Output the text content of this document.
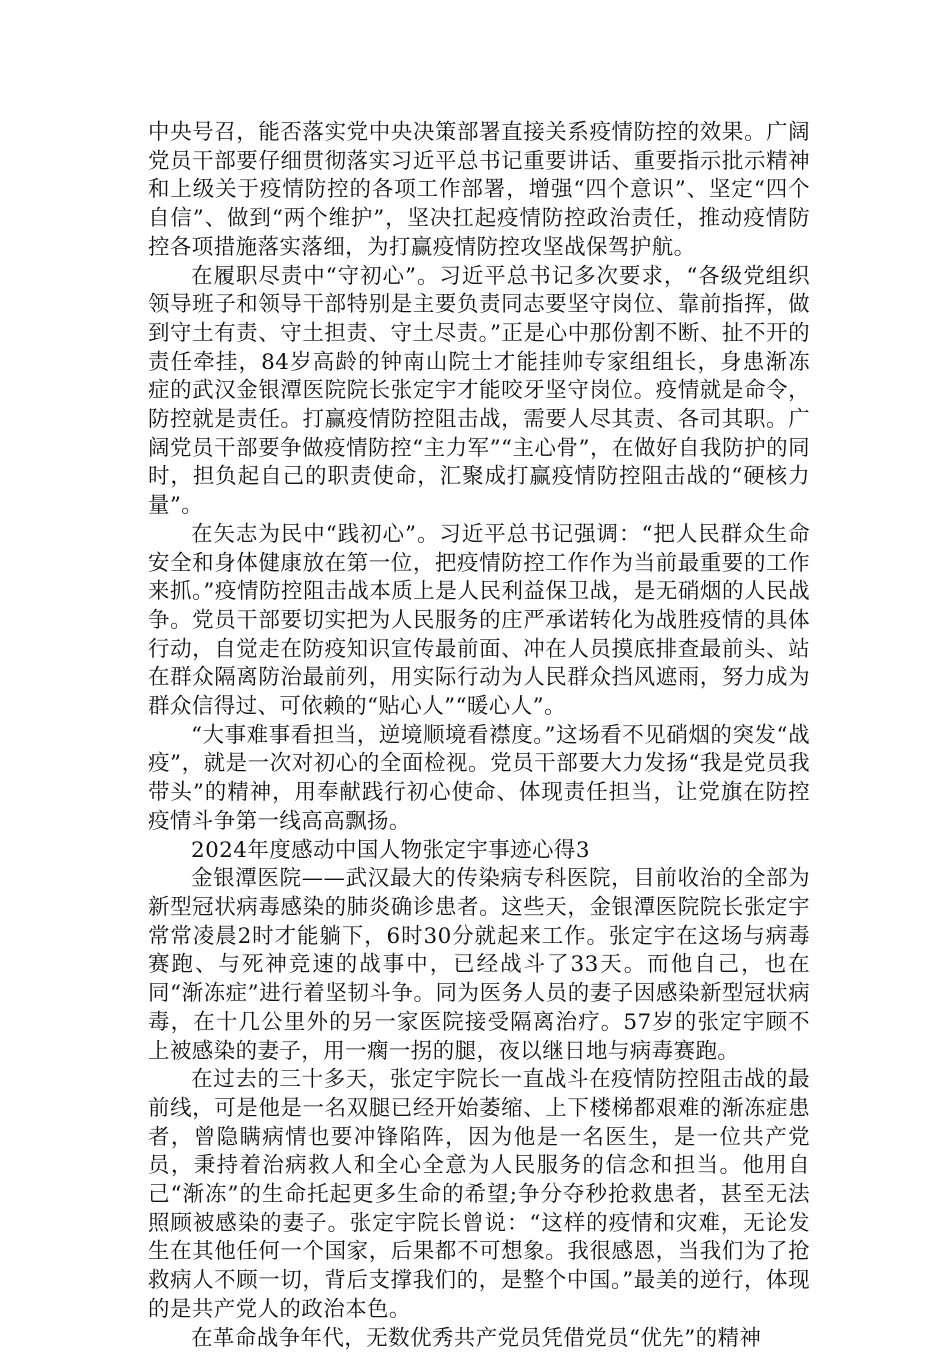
中央号召，能否落实党中央决策部署直接关系疫情防控的效果。广阔党员干部要仔细贯彻落实习近平总书记重要讲话、重要指示批示精神和上级关于疫情防控的各项工作部署，增强“四个意识”、坚定“四个自信”、做到“两个维护”，坚决扛起疫情防控政治责任，推动疫情防控各项措施落实落细，为打赢疫情防控攻坚战保驾护航。

在履职尽责中“守初心”。习近平总书记多次要求，“各级党组织领导班子和领导干部特别是主要负责同志要坚守岗位、靠前指挥，做到守土有责、守土担责、守土尽责。”正是心中那份割不断、扯不开的责任牵挂，84岁高龄的钟南山院士才能挂帅专家组组长，身患渐冻症的武汉金银潭医院院长张定宇才能咬牙坚守岗位。疫情就是命令，防控就是责任。打赢疫情防控阻击战，需要人尽其责、各司其职。广阔党员干部要争做疫情防控“主力军”“主心骨”，在做好自我防护的同时，担负起自己的职责使命，汇聚成打赢疫情防控阻击战的“硬核力量”。

在矢志为民中“践初心”。习近平总书记强调：“把人民群众生命安全和身体健康放在第一位，把疫情防控工作作为当前最重要的工作来抓。”疫情防控阻击战本质上是人民利益保卫战，是无硝烟的人民战争。党员干部要切实把为人民服务的庄严承诺转化为战胜疫情的具体行动，自觉走在防疫知识宣传最前面、冲在人员摸底排查最前头、站在群众隔离防治最前列，用实际行动为人民群众挡风遮雨，努力成为群众信得过、可依赖的“贴心人”“暖心人”。

“大事难事看担当，逆境顺境看襟度。”这场看不见硝烟的突发“战疫”，就是一次对初心的全面检视。党员干部要大力发扬“我是党员我带头”的精神，用奉献践行初心使命、体现责任担当，让党旗在防控疫情斗争第一线高高飘扬。

2024年度感动中国人物张定宇事迹心得3

金银潭医院——武汉最大的传染病专科医院，目前收治的全部为新型冠状病毒感染的肺炎确诊患者。这些天，金银潭医院院长张定宇常常凌晨2时才能躺下，6时30分就起来工作。张定宇在这场与病毒赛跑、与死神竞速的战事中，已经战斗了33天。而他自己，也在同“渐冻症”进行着坚韧斗争。同为医务人员的妻子因感染新型冠状病毒，在十几公里外的另一家医院接受隔离治疗。57岁的张定宇顾不上被感染的妻子，用一瘸一拐的腿，夜以继日地与病毒赛跑。

在过去的三十多天，张定宇院长一直战斗在疫情防控阻击战的最前线，可是他是一名双腿已经开始萎缩、上下楼梯都艰难的渐冻症患者，曾隐瞒病情也要冲锋陷阵，因为他是一名医生，是一位共产党员，秉持着治病救人和全心全意为人民服务的信念和担当。他用自己“渐冻”的生命托起更多生命的希望;争分夺秒抢救患者，甚至无法照顾被感染的妻子。张定宇院长曾说：“这样的疫情和灾难，无论发生在其他任何一个国家，后果都不可想象。我很感恩，当我们为了抢救病人不顾一切，背后支撑我们的，是整个中国。”最美的逆行，体现的是共产党人的政治本色。

在革命战争年代，无数优秀共产党员凭借党员“优先”的精神
